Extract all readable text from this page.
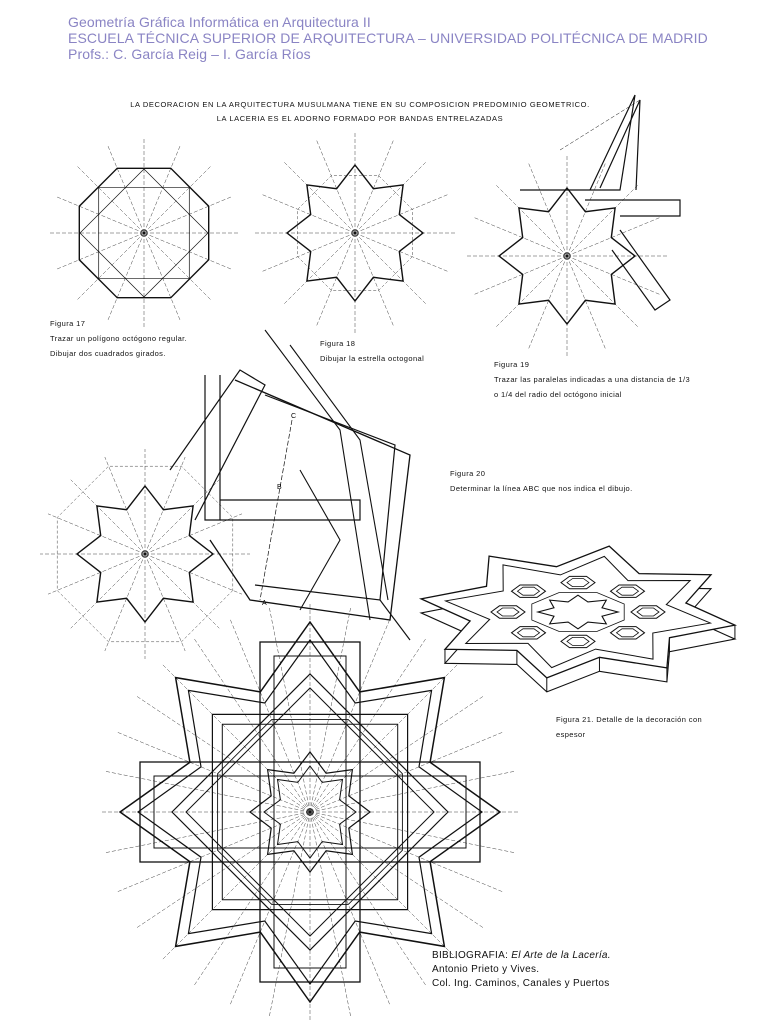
Geometría Gráfica Informática en Arquitectura II
ESCUELA TÉCNICA SUPERIOR DE ARQUITECTURA – UNIVERSIDAD POLITÉCNICA DE MADRID
Profs.: C. García Reig – I. García Ríos
LA DECORACION EN LA ARQUITECTURA MUSULMANA TIENE EN SU COMPOSICION PREDOMINIO GEOMETRICO.
LA LACERIA ES EL ADORNO FORMADO POR BANDAS ENTRELAZADAS
C
B
A
Figura 17
Trazar un polígono octógono regular.
Dibujar dos cuadrados girados.
Figura 18
Dibujar la estrella octogonal
Figura 19
Trazar las paralelas indicadas a una distancia de 1/3
o 1/4 del radio del octógono inicial
Figura 20
Determinar la línea ABC que nos indica el dibujo.
Figura 21. Detalle de la decoración con
espesor
BIBLIOGRAFIA: El Arte de la Lacería.
Antonio Prieto y Vives.
Col. Ing. Caminos, Canales y Puertos
